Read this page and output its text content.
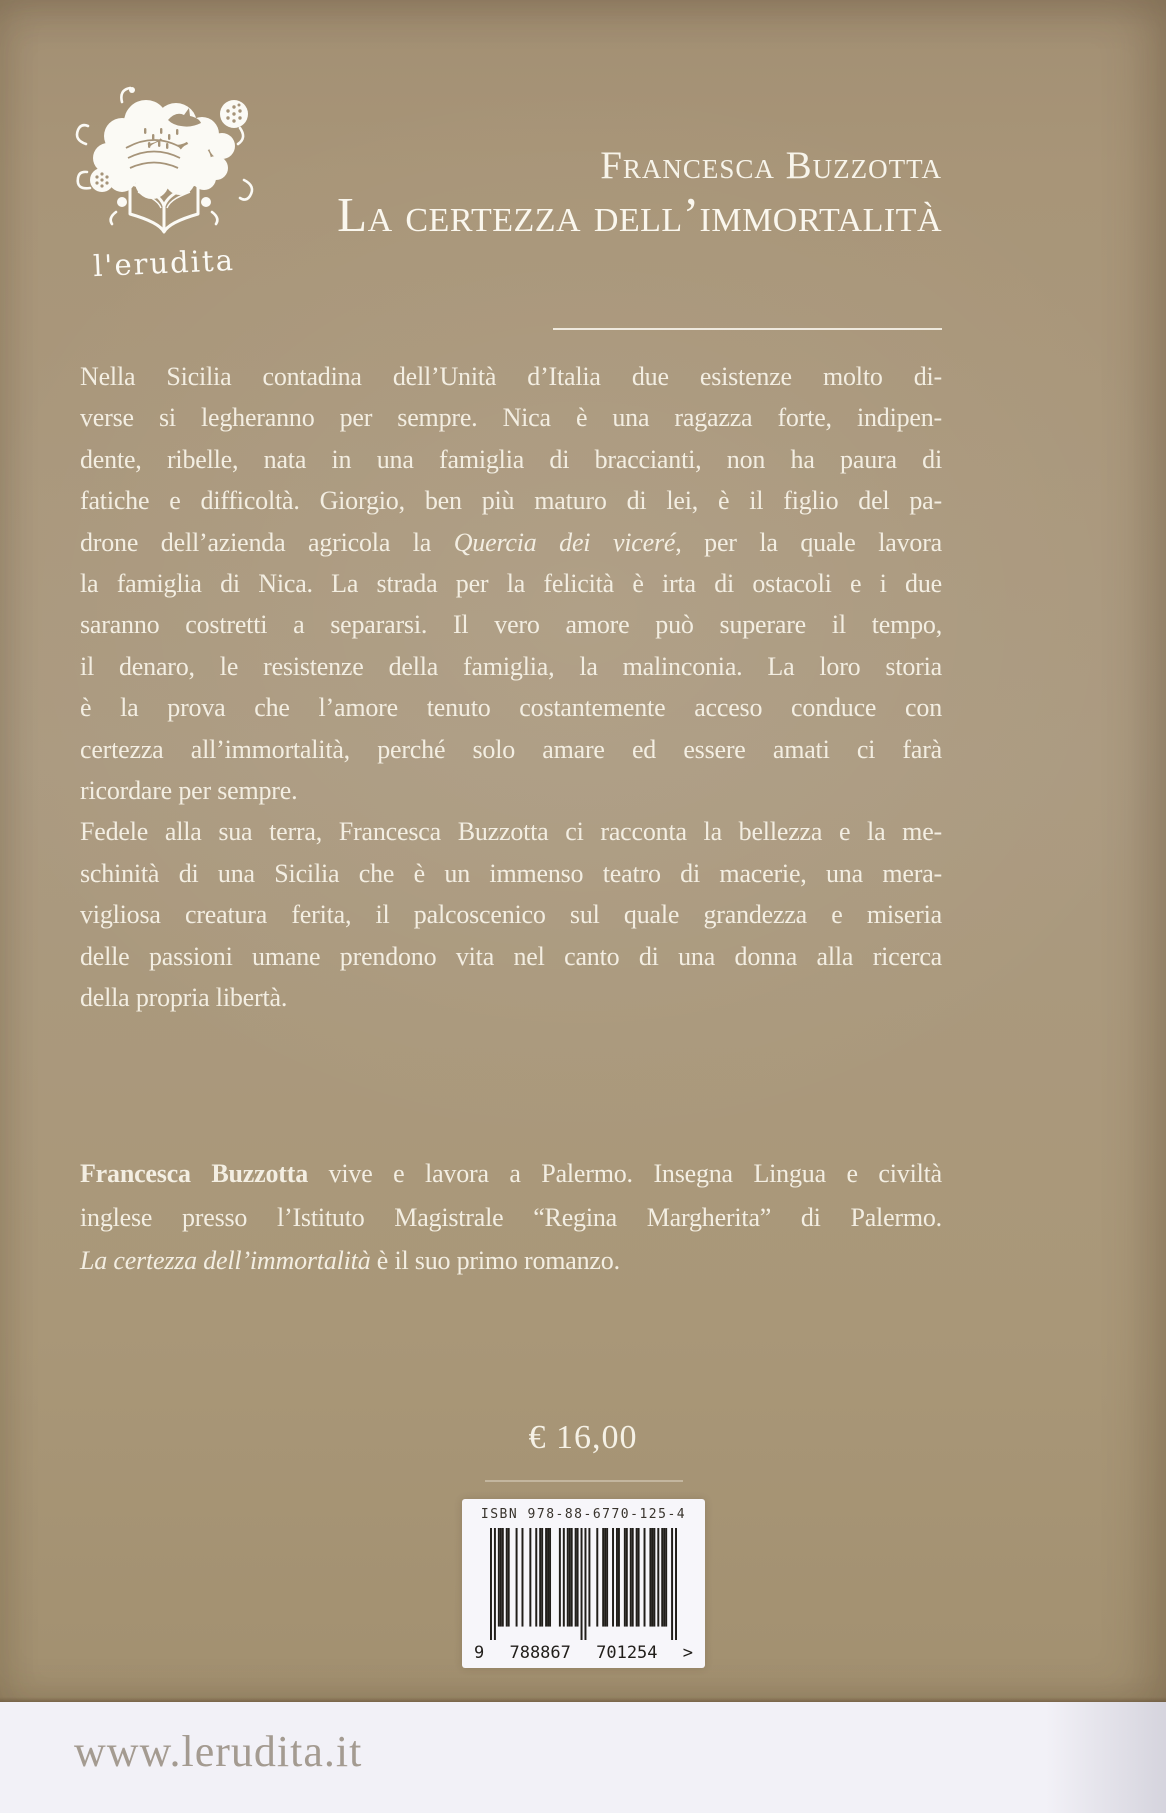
l'erudita
Francesca Buzzotta
La certezza dell’immortalità
Nella Sicilia contadina dell’Unità d’Italia due esistenze molto di-
verse si legheranno per sempre. Nica è una ragazza forte, indipen-
dente, ribelle, nata in una famiglia di braccianti, non ha paura di
fatiche e difficoltà. Giorgio, ben più maturo di lei, è il figlio del pa-
drone dell’azienda agricola la Quercia dei viceré, per la quale lavora
la famiglia di Nica. La strada per la felicità è irta di ostacoli e i due
saranno costretti a separarsi. Il vero amore può superare il tempo,
il denaro, le resistenze della famiglia, la malinconia. La loro storia
è la prova che l’amore tenuto costantemente acceso conduce con
certezza all’immortalità, perché solo amare ed essere amati ci farà
ricordare per sempre.
Fedele alla sua terra, Francesca Buzzotta ci racconta la bellezza e la me-
schinità di una Sicilia che è un immenso teatro di macerie, una mera-
vigliosa creatura ferita, il palcoscenico sul quale grandezza e miseria
delle passioni umane prendono vita nel canto di una donna alla ricerca
della propria libertà.
Francesca Buzzotta vive e lavora a Palermo. Insegna Lingua e civiltà
inglese presso l’Istituto Magistrale “Regina Margherita” di Palermo.
La certezza dell’immortalità è il suo primo romanzo.
€ 16,00
ISBN 978-88-6770-125-4
9 788867 701254 >
www.lerudita.it
